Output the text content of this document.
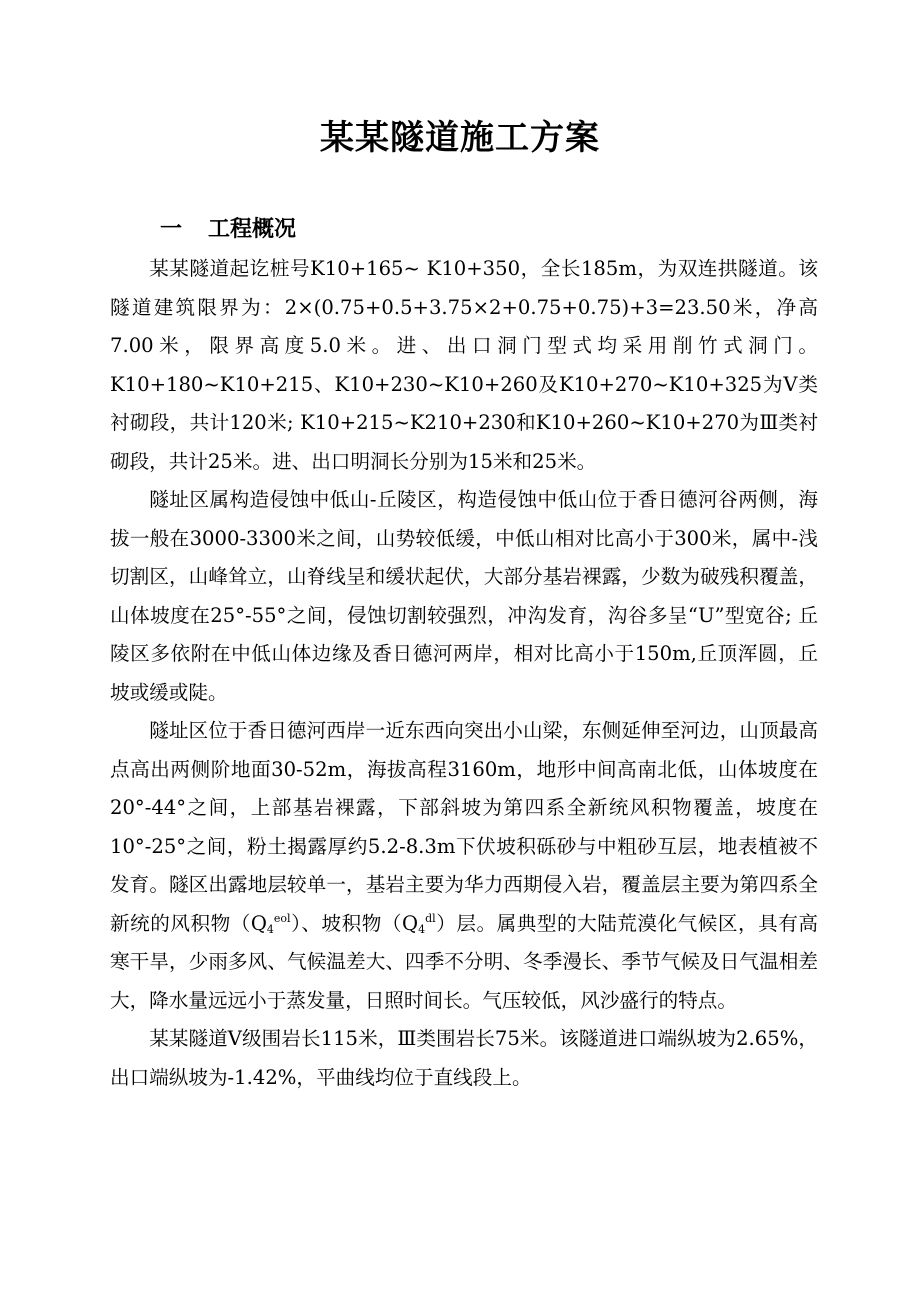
某某隧道施工方案
一 工程概况

某某隧道起讫桩号K10+165~ K10+350，全长185m，为双连拱隧道。该隧道建筑限界为：2×(0.75+0.5+3.75×2+0.75+0.75)+3=23.50米，净高7.00米，限界高度5.0米。进、出口洞门型式均采用削竹式洞门。K10+180~K10+215、K10+230~K10+260及K10+270~K10+325为Ⅴ类衬砌段，共计120米; K10+215~K210+230和K10+260~K10+270为Ⅲ类衬砌段，共计25米。进、出口明洞长分别为15米和25米。

隧址区属构造侵蚀中低山-丘陵区，构造侵蚀中低山位于香日德河谷两侧，海拔一般在3000-3300米之间，山势较低缓，中低山相对比高小于300米，属中-浅切割区，山峰耸立，山脊线呈和缓状起伏，大部分基岩裸露，少数为破残积覆盖，山体坡度在25°-55°之间，侵蚀切割较强烈，冲沟发育，沟谷多呈“U”型宽谷; 丘陵区多依附在中低山体边缘及香日德河两岸，相对比高小于150m,丘顶浑圆，丘坡或缓或陡。

隧址区位于香日德河西岸一近东西向突出小山梁，东侧延伸至河边，山顶最高点高出两侧阶地面30-52m，海拔高程3160m，地形中间高南北低，山体坡度在20°-44°之间，上部基岩裸露，下部斜坡为第四系全新统风积物覆盖，坡度在10°-25°之间，粉土揭露厚约5.2-8.3m下伏坡积砾砂与中粗砂互层，地表植被不发育。隧区出露地层较单一，基岩主要为华力西期侵入岩，覆盖层主要为第四系全新统的风积物$(Q_4^{eol})$、坡积物$(Q_4^{dl})$层。属典型的大陆荒漠化气候区，具有高寒干旱，少雨多风、气候温差大、四季不分明、冬季漫长、季节气候及日气温相差大，降水量远远小于蒸发量，日照时间长。气压较低，风沙盛行的特点。

某某隧道Ⅴ级围岩长115米，Ⅲ类围岩长75米。该隧道进口端纵坡为2.65%，出口端纵坡为-1.42%，平曲线均位于直线段上。
